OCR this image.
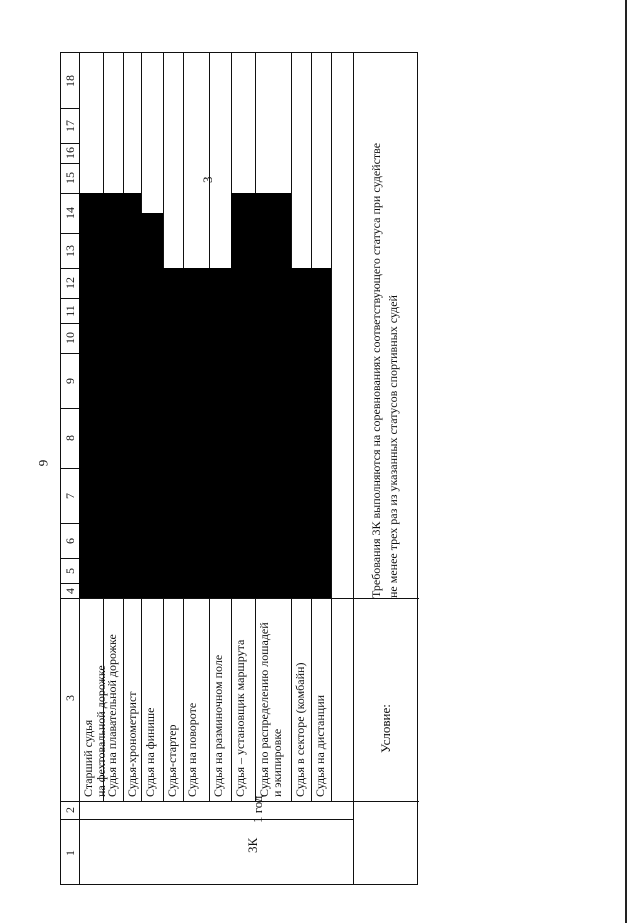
9
1
2
3
4
5
6
7
8
9
10
11
12
13
14
15
16
17
18
Старший судья на фехтовальной дорожке
Судья на плавательной дорожке Судья-хронометрист Судья на финише Судья-стартер Судья на повороте Судья на разминочном поле Судья – установщик маршрута Судья по распределению лошадей и экипировке Судья в секторе (комбайн) Судья на дистанции
3К
1 год
Условие:
Требования 3К выполняются на соревнованиях соответствующего статуса при судействе не менее трех раз из указанных статусов спортивных судей
3
